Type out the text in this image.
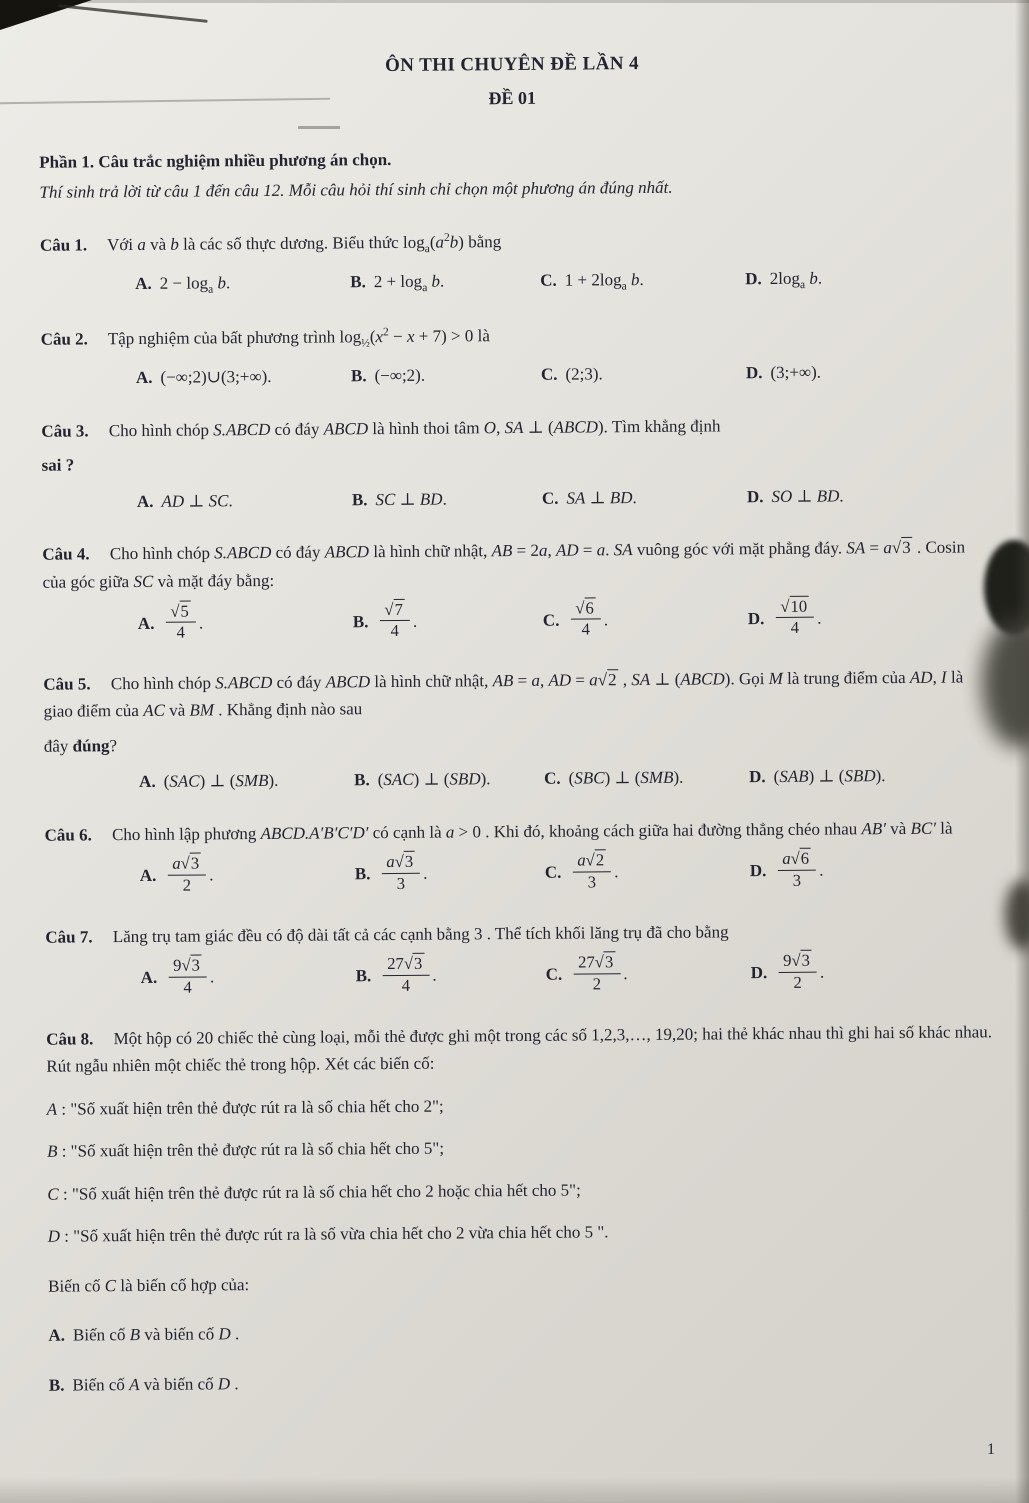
ÔN THI CHUYÊN ĐỀ LẦN 4
ĐỀ 01

Phần 1. Câu trắc nghiệm nhiều phương án chọn.

Thí sinh trả lời từ câu 1 đến câu 12. Mỗi câu hỏi thí sinh chỉ chọn một phương án đúng nhất.

Câu 1. Với a và b là các số thực dương. Biểu thức $\log_a(a^2b)$ bằng

A. $2 - \log_a b$.	B. $2 + \log_a b$.	C. $1 + 2\log_a$ b.	D. $2\log_a$ b.

Câu 2. Tập nghiệm của bất phương trình $\log_{\frac{1}{2}}(x^2 - x + 7) > 0$ là

A. (−∞;2)∪(3;+∞).	B. (−∞;2).	C. (2;3).	D. (3;+∞).

Câu 3. Cho hình chóp S.ABCD có đáy ABCD là hình thoi tâm O, SA ⊥ (ABCD). Tìm khẳng định

sai ?

A. AD ⊥ SC.	B. SC ⊥ BD.	C. SA ⊥ BD.	D. SO ⊥ BD.

Câu 4. Cho hình chóp S.ABCD có đáy ABCD là hình chữ nhật, AB = 2a, AD = a. SA vuông góc với mặt phẳng đáy. SA = a √ 3 . Cosin của góc giữa SC và mặt đáy bằng:

A. √ $\frac{5}{4}$ .	B. √ $\frac{7}{4}$ .	C. √ $\frac{6}{4}$ .	D. √ $\frac{10}{4}$ .

Câu 5. Cho hình chóp S.ABCD có đáy ABCD là hình chữ nhật, AB = a, AD = a √ 2 , SA ⊥ (ABCD). Gọi M là trung điểm của AD, I là giao điểm của AC và BM . Khẳng định nào sau

đây đúng?

A. (SAC) ⊥ (SMB).	B. (SAC) ⊥ (SBD).	C. (SBC) ⊥ (SMB).	D. (SAB) ⊥ (SBD).

Câu 6. Cho hình lập phương ABCD.A′B′C′D′ có cạnh là a > 0 . Khi đó, khoảng cách giữa hai đường thẳng chéo nhau AB′ và BC′ là

A. $\frac{a √ 3}{2}$ .	B. $\frac{a √ 3}{3}$ .	C. $\frac{a √ 2}{3}$ .	D. $\frac{a √ 6}{3}$ .

Câu 7. Lăng trụ tam giác đều có độ dài tất cả các cạnh bằng 3 . Thể tích khối lăng trụ đã cho bằng

A. $\frac{9 √ 3}{4}$ .	B. $\frac{27 √ 3}{4}$ .	C. $\frac{27 √ 3}{2}$ .	D. $\frac{9 √ 3}{2}$ .

Câu 8. Một hộp có 20 chiếc thẻ cùng loại, mỗi thẻ được ghi một trong các số 1,2,3,…, 19,20; hai thẻ khác nhau thì ghi hai số khác nhau. Rút ngẫu nhiên một chiếc thẻ trong hộp. Xét các biến cố:

A : "Số xuất hiện trên thẻ được rút ra là số chia hết cho 2";

B : "Số xuất hiện trên thẻ được rút ra là số chia hết cho 5";

C : "Số xuất hiện trên thẻ được rút ra là số chia hết cho 2 hoặc chia hết cho 5";

D : "Số xuất hiện trên thẻ được rút ra là số vừa chia hết cho 2 vừa chia hết cho 5 ".

Biến cố C là biến cố hợp của:

A. Biến cố B và biến cố D .
B. Biến cố A và biến cố D .
1
